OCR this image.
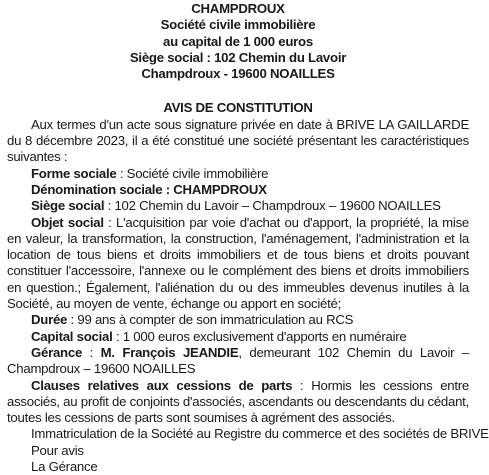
CHAMPDROUX
Société civile immobilière
au capital de 1 000 euros
Siège social : 102 Chemin du Lavoir
Champdroux - 19600 NOAILLES
AVIS DE CONSTITUTION
Aux termes d'un acte sous signature privée en date à BRIVE LA GAILLARDE du 8 décembre 2023, il a été constitué une société présentant les caractéristiques suivantes :
Forme sociale : Société civile immobilière
Dénomination sociale : CHAMPDROUX
Siège social : 102 Chemin du Lavoir – Champdroux – 19600 NOAILLES
Objet social : L'acquisition par voie d'achat ou d'apport, la propriété, la mise en valeur, la transformation, la construction, l'aménagement, l'administration et la location de tous biens et droits immobiliers et de tous biens et droits pouvant constituer l'accessoire, l'annexe ou le complément des biens et droits immobiliers en question.; Également, l'aliénation du ou des immeubles devenus inutiles à la Société, au moyen de vente, échange ou apport en société;
Durée : 99 ans à compter de son immatriculation au RCS
Capital social : 1 000 euros exclusivement d'apports en numéraire
Gérance : M. François JEANDIE, demeurant 102 Chemin du Lavoir – Champdroux – 19600 NOAILLES
Clauses relatives aux cessions de parts : Hormis les cessions entre associés, au profit de conjoints d'associés, ascendants ou descendants du cédant, toutes les cessions de parts sont soumises à agrément des associés.
Immatriculation de la Société au Registre du commerce et des sociétés de BRIVE
Pour avis
La Gérance
